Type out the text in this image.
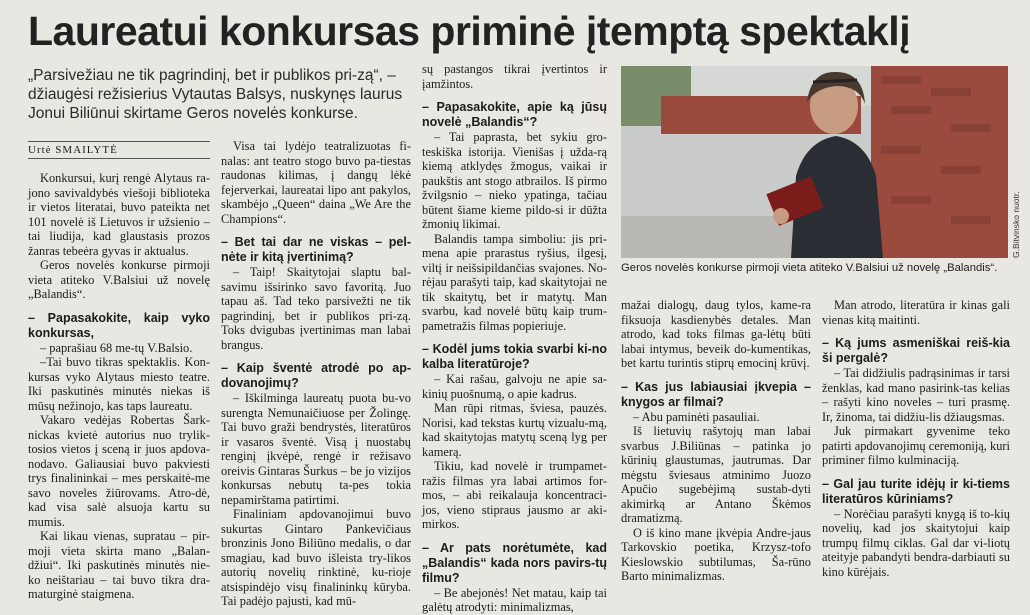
Laureatui konkursas priminė įtemptą spektaklį

„Parsivežiau ne tik pagrindinį, bet ir publikos pri-zą“, – džiaugėsi režisierius Vytautas Balsys, nuskynęs laurus Jonui Biliūnui skirtame Geros novelės konkurse.

Urtė SMAILYTĖ

Konkursui, kurį rengė Alytaus ra-jono savivaldybės viešoji biblioteka ir vietos literatai, buvo pateikta net 101 novelė iš Lietuvos ir užsienio – tai liudija, kad glaustasis prozos žanras tebeėra gyvas ir aktualus.

Geros novelės konkurse pirmoji vieta atiteko V.Balsiui už novelę „Balandis“.

– Papasakokite, kaip vyko konkursas,

– paprašiau 68 me-tų V.Balsio.

–Tai buvo tikras spektaklis. Kon-kursas vyko Alytaus miesto teatre. Iki paskutinės minutės niekas iš mūsų nežinojo, kas taps laureatu.

Vakaro vedėjas Robertas Šark-nickas kvietė autorius nuo trylik-tosios vietos į sceną ir juos apdova-nodavo. Galiausiai buvo pakviesti trys finalininkai – mes perskaitė-me savo noveles žiūrovams. Atro-dė, kad visa salė alsuoja kartu su mumis.

Kai likau vienas, supratau – pir-moji vieta skirta mano „Balan-džiui“. Iki paskutinės minutės nie-ko neištariau – tai buvo tikra dra-maturginė staigmena.

Visa tai lydėjo teatralizuotas fi-nalas: ant teatro stogo buvo pa-tiestas raudonas kilimas, į dangų lėkė fejerverkai, laureatai lipo ant pakylos, skambėjo „Queen“ daina „We Are the Champions“.

– Bet tai dar ne viskas – pel-nėte ir kitą įvertinimą?

– Taip! Skaitytojai slaptu bal-savimu išsirinko savo favoritą. Juo tapau aš. Tad teko parsivežti ne tik pagrindinį, bet ir publikos pri-zą. Toks dvigubas įvertinimas man labai brangus.

– Kaip šventė atrodė po ap-dovanojimų?

– Iškilminga laureatų puota bu-vo surengta Nemunaičiuose per Žolingę. Tai buvo graži bendrystės, literatūros ir vasaros šventė. Visą į nuostabų renginį įkvėpė, rengė ir režisavo oreivis Gintaras Šurkus – be jo vizijos konkursas nebutų ta-pes tokia nepamirštama patirtimi.

Finaliniam apdovanojimui buvo sukurtas Gintaro Pankevičiaus bronzinis Jono Biliūno medalis, o dar smagiau, kad buvo išleista try-likos autorių novelių rinktinė, ku-rioje atsispindėjo visų finalininkų kūryba. Tai padėjo pajusti, kad mū-

sų pastangos tikrai įvertintos ir įamžintos.

– Papasakokite, apie ką jūsų novelė „Balandis“?

– Tai paprasta, bet sykiu gro-teskiška istorija. Vienišas į užda-rą kiemą atklydęs žmogus, vaikai ir paukštis ant stogo atbrailos. Iš pirmo žvilgsnio – nieko ypatinga, tačiau būtent šiame kieme pildo-si ir dūžta žmonių likimai.

Balandis tampa simboliu: jis pri-mena apie prarastus ryšius, ilgesį, viltį ir neišsipildančias svajones. No-rėjau parašyti taip, kad skaitytojai ne tik skaitytų, bet ir matytų. Man svarbu, kad novelė būtų kaip trum-pametražis filmas popieriuje.

– Kodėl jums tokia svarbi ki-no kalba literatūroje?

– Kai rašau, galvoju ne apie sa-kinių puošnumą, o apie kadrus.

Man rūpi ritmas, šviesa, pauzės. Norisi, kad tekstas kurtų vizualu-mą, kad skaitytojas matytų sceną lyg per kamerą.

Tikiu, kad novelė ir trumpamet-ražis filmas yra labai artimos for-mos, – abi reikalauja koncentraci-jos, vieno stipraus jausmo ar aki-mirkos.

– Ar pats norėtumėte, kad „Balandis“ kada nors pavirs-tų filmu?

– Be abejonės! Net matau, kaip tai galėtų atrodyti: minimalizmas,

G.Bitvinsko nuotr.
Geros novelės konkurse pirmoji vieta atiteko V.Balsiui už novelę „Balandis“.

mažai dialogų, daug tylos, kame-ra fiksuoja kasdienybės detales. Man atrodo, kad toks filmas ga-lėtų būti labai intymus, beveik do-kumentikas, bet kartu turintis stiprų emocinį krūvį.

– Kas jus labiausiai įkvepia – knygos ar filmai?

– Abu paminėti pasauliai.

Iš lietuvių rašytojų man labai svarbus J.Biliūnas – patinka jo kūrinių glaustumas, jautrumas. Dar mėgstu šviesaus atminimo Juozo Apučio sugebėjimą sustab-dyti akimirką ar Antano Škėmos dramatizmą.

O iš kino mane įkvėpia Andre-jaus Tarkovskio poetika, Krzysz-tofo Kieslowskio subtilumas, Ša-rūno Barto minimalizmas.

Man atrodo, literatūra ir kinas gali vienas kitą maitinti.

– Ką jums asmeniškai reiš-kia ši pergalė?

– Tai didžiulis padrąsinimas ir tarsi ženklas, kad mano pasirink-tas kelias – rašyti kino noveles – turi prasmę. Ir, žinoma, tai didžiu-lis džiaugsmas.

Juk pirmakart gyvenime teko patirti apdovanojimų ceremoniją, kuri priminer filmo kulminaciją.

– Gal jau turite idėjų ir ki-tiems literatūros kūriniams?

– Norėčiau parašyti knygą iš to-kių novelių, kad jos skaitytojui kaip trumpų filmų ciklas. Gal dar vi-liotų ateityje pabandyti bendra-darbiauti su kino kūrėjais.
